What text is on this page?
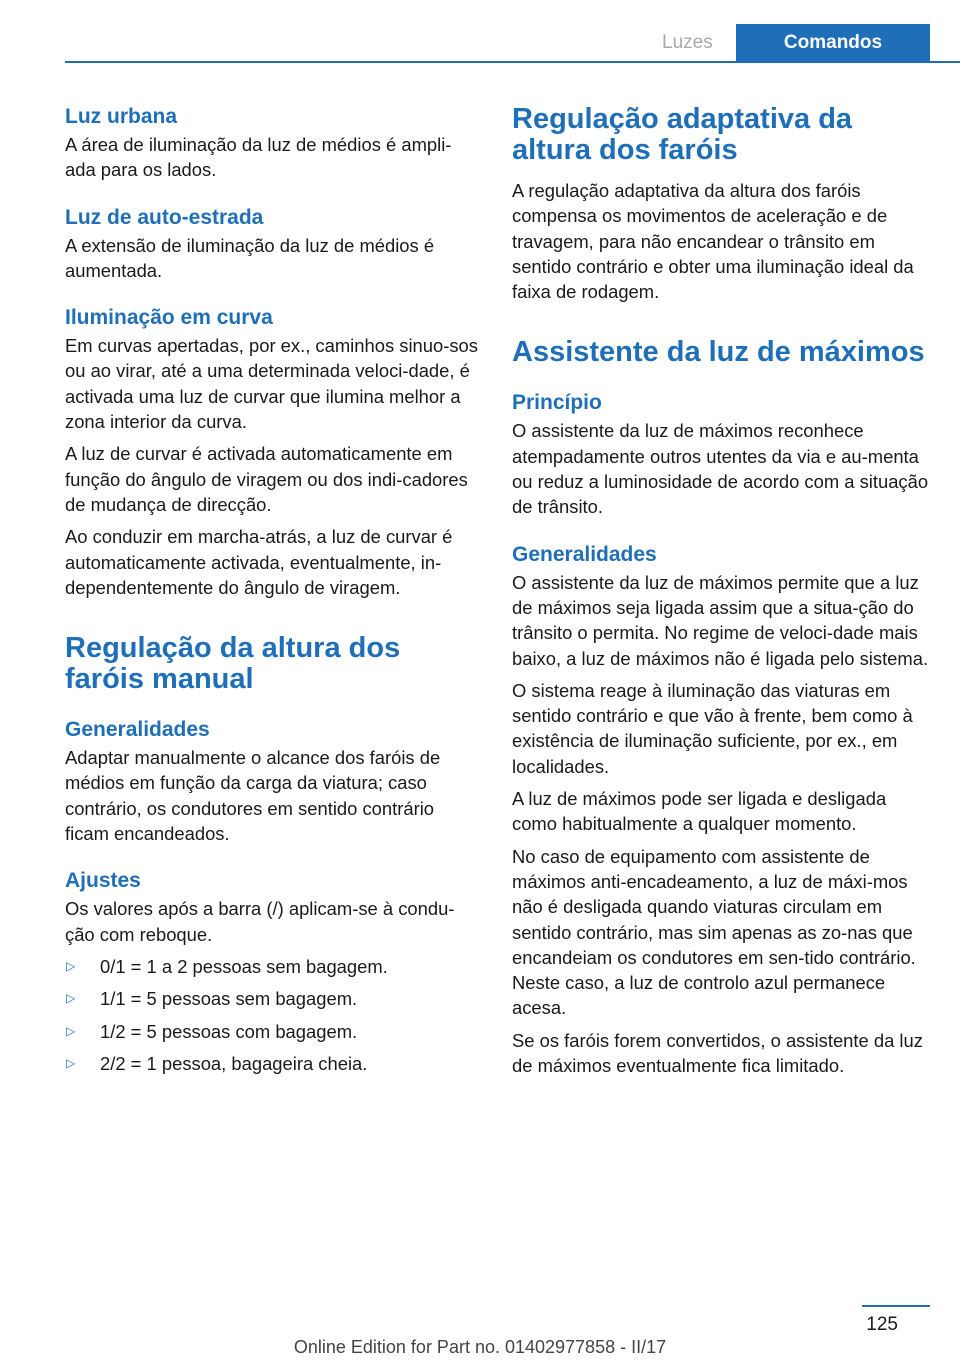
Luzes	Comandos
Luz urbana

A área de iluminação da luz de médios é ampli‐ada para os lados.

Luz de auto-estrada

A extensão de iluminação da luz de médios é aumentada.

Iluminação em curva

Em curvas apertadas, por ex., caminhos sinuo‐sos ou ao virar, até a uma determinada veloci‐dade, é activada uma luz de curvar que ilumina melhor a zona interior da curva.

A luz de curvar é activada automaticamente em função do ângulo de viragem ou dos indi‐cadores de mudança de direcção.

Ao conduzir em marcha-atrás, a luz de curvar é automaticamente activada, eventualmente, in‐dependentemente do ângulo de viragem.

Regulação da altura dos faróis manual
Generalidades

Adaptar manualmente o alcance dos faróis de médios em função da carga da viatura; caso contrário, os condutores em sentido contrário ficam encandeados.

Ajustes

Os valores após a barra (/) aplicam-se à condu‐ção com reboque.

▷ 0/1 = 1 a 2 pessoas sem bagagem.
▷ 1/1 = 5 pessoas sem bagagem.
▷ 1/2 = 5 pessoas com bagagem.
▷ 2/2 = 1 pessoa, bagageira cheia.
Regulação adaptativa da altura dos faróis

A regulação adaptativa da altura dos faróis compensa os movimentos de aceleração e de travagem, para não encandear o trânsito em sentido contrário e obter uma iluminação ideal da faixa de rodagem.

Assistente da luz de máximos
Princípio

O assistente da luz de máximos reconhece atempadamente outros utentes da via e au‐menta ou reduz a luminosidade de acordo com a situação de trânsito.

Generalidades

O assistente da luz de máximos permite que a luz de máximos seja ligada assim que a situa‐ção do trânsito o permita. No regime de veloci‐dade mais baixo, a luz de máximos não é ligada pelo sistema.

O sistema reage à iluminação das viaturas em sentido contrário e que vão à frente, bem como à existência de iluminação suficiente, por ex., em localidades.

A luz de máximos pode ser ligada e desligada como habitualmente a qualquer momento.

No caso de equipamento com assistente de máximos anti-encadeamento, a luz de máxi‐mos não é desligada quando viaturas circulam em sentido contrário, mas sim apenas as zo‐nas que encandeiam os condutores em sen‐tido contrário. Neste caso, a luz de controlo azul permanece acesa.

Se os faróis forem convertidos, o assistente da luz de máximos eventualmente fica limitado.

125
Online Edition for Part no. 01402977858 - II/17
